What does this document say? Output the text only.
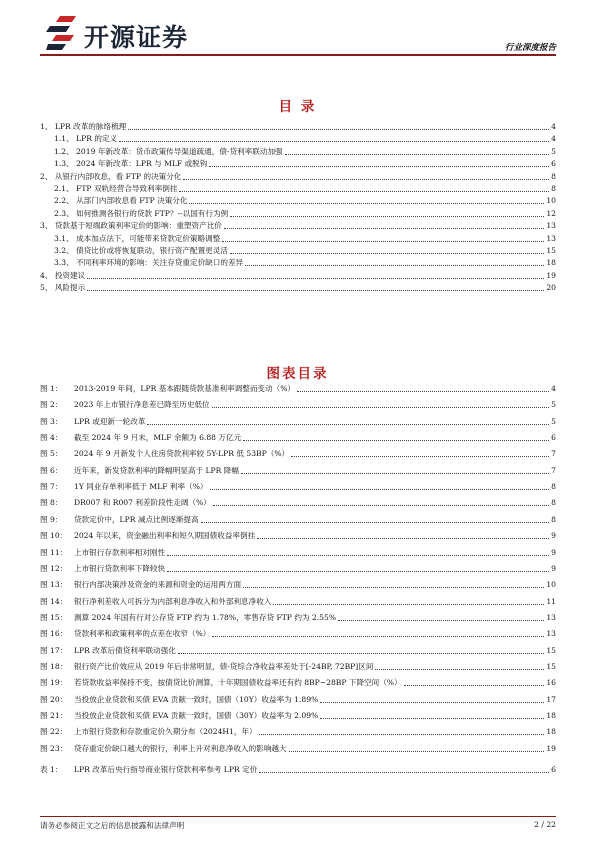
开源证券	行业深度报告
目 录
1、 LPR 改革的脉络梳理	4
1.1、 LPR 的定义	4
1.2、 2019 年新改革：货币政策传导渠道疏通，债-贷利率联动加强	5
1.3、 2024 年新改革：LPR 与 MLF 或脱钩	6
2、 从银行内部收息，看 FTP 的决策分化	8
2.1、 FTP 双轨经营合导致利率倒挂	8
2.2、 从部门内部收息看 FTP 决策分化	10
2.3、 如何推测各银行的贷款 FTP？--以国有行为例	12
3、 贷款基于短端政策利率定价的影响：重塑资产比价	13
3.1、 成本加点法下，可能带来贷款定价策略调整	13
3.2、 债贷比价或将恢复联动，银行资产配置更灵活	15
3.3、 不同利率环境的影响：关注存贷重定价缺口的差异	18
4、 投资建议	19
5、 风险提示	20
图表目录
图 1：	2013-2019 年间，LPR 基本跟随贷款基准利率调整而变动（%）	4
图 2：	2023 年上市银行净息差已降至历史低位	5
图 3：	LPR 或迎新一轮改革	5
图 4：	截至 2024 年 9 月末，MLF 余额为 6.88 万亿元	6
图 5：	2024 年 9 月新发个人住房贷款利率较 5Y-LPR 低 53BP（%）	7
图 6：	近年来，新发贷款利率的降幅明显高于 LPR 降幅	7
图 7：	1Y 同业存单利率低于 MLF 利率（%）	8
图 8：	DR007 和 R007 利差阶段性走阔（%）	8
图 9：	贷款定价中，LPR 减点比例逐渐提高	8
图 10： 2024 年以来，资金融出利率和短久期国债收益率倒挂	9
图 11： 上市银行存款利率相对刚性	9
图 12： 上市银行贷款利率下降较快	9
图 13： 银行内部决策涉及资金的来源和资金的运用两方面	10
图 14： 银行净利差收入可拆分为内部利息净收入和外部利息净收入	11
图 15： 测算 2024 年国有行对公存贷 FTP 约为 1.78%，零售存贷 FTP 约为 2.55%	13
图 16： 贷款利率和政策利率的点差在收窄（%）	13
图 17： LPR 改革后债贷利率联动强化	15
图 18： 银行资产比价效应从 2019 年后非常明显，债-贷综合净收益率差处于[-24BP, 72BP]区间	15
图 19： 若贷款收益率保持不变，按债贷比价测算，十年期国债收益率还有约 8BP~28BP 下降空间（%）	16
图 20： 当投放企业贷款和买债 EVA 贡献一致时，国债（10Y）收益率为 1.89%	17
图 21： 当投放企业贷款和买债 EVA 贡献一致时，国债（30Y）收益率为 2.09%	18
图 22： 上市银行贷款和存款重定价久期分布（2024H1，年）	18
图 23： 贷存重定价缺口越大的银行，利率上升对利息净收入的影响越大	19
表 1：	LPR 改革后央行指导商业银行贷款利率参考 LPR 定价	6
请务必参阅正文之后的信息披露和法律声明	2 / 22
